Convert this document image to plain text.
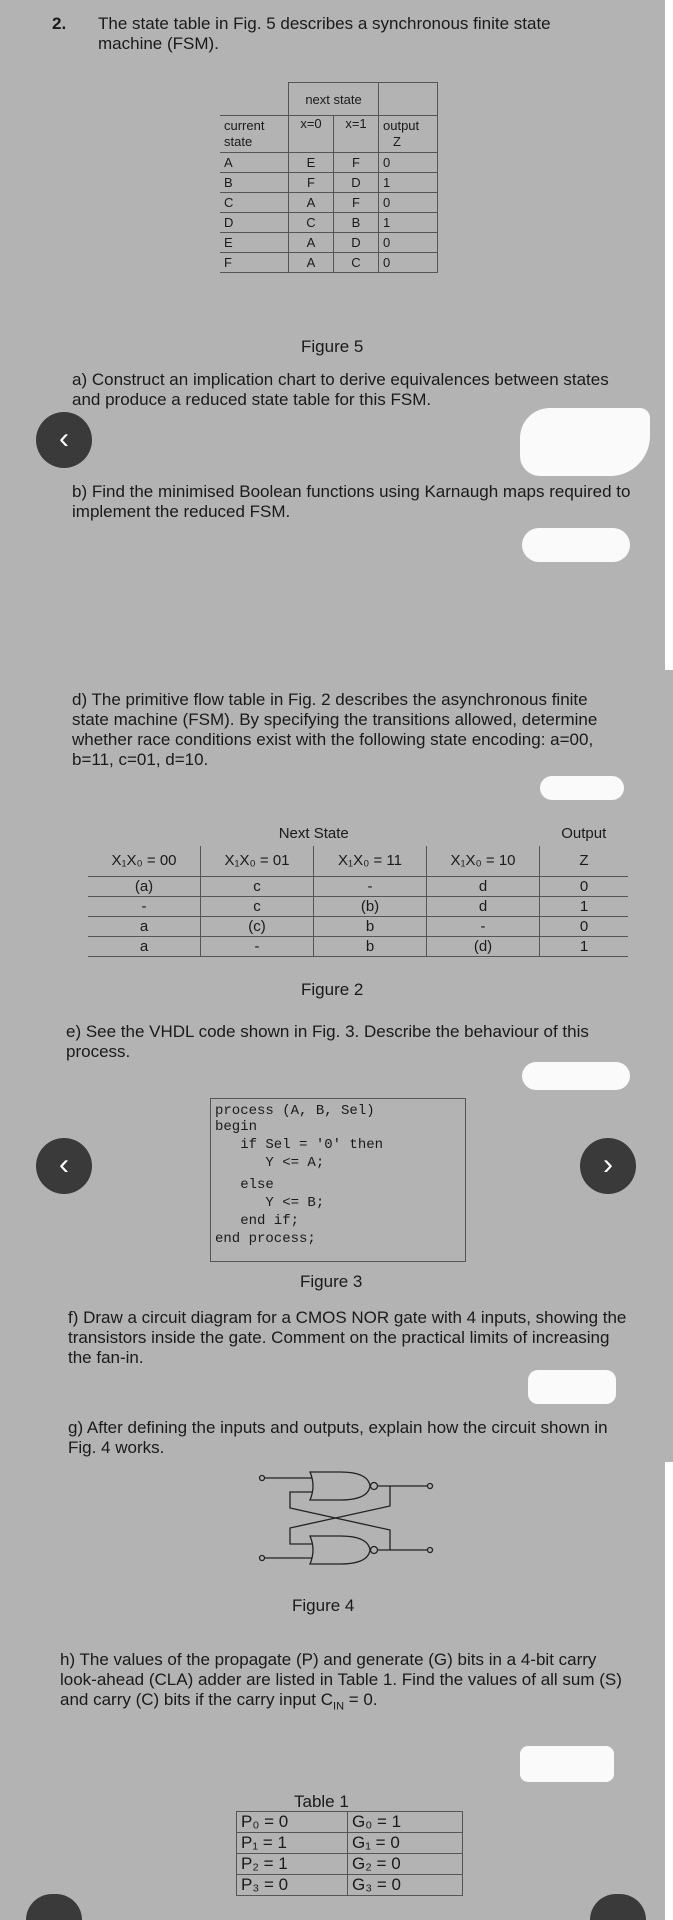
2. The state table in Fig. 5 describes a synchronous finite state machine (FSM).
	next state		
current
state	x=0	x=1	output
Z
A	E	F	0
B	F	D	1
C	A	F	0
D	C	B	1
E	A	D	0
F	A	C	0
Figure 5
a) Construct an implication chart to derive equivalences between states and produce a reduced state table for this FSM.
b) Find the minimised Boolean functions using Karnaugh maps required to implement the reduced FSM.
d) The primitive flow table in Fig. 2 describes the asynchronous finite state machine (FSM). By specifying the transitions allowed, determine whether race conditions exist with the following state encoding: a=00, b=11, c=01, d=10.
Next State				Output
X₁X₀ = 00	X₁X₀ = 01	X₁X₀ = 11	X₁X₀ = 10	Z
(a)	c	-	d	0
-	c	(b)	d	1
a	(c)	b	-	0
a	-	b	(d)	1
Figure 2
e) See the VHDL code shown in Fig. 3. Describe the behaviour of this process.
process (A, B, Sel)
begin
if Sel = '0' then
Y <= A;
else
Y <= B;
end if;
end process;
Figure 3
f) Draw a circuit diagram for a CMOS NOR gate with 4 inputs, showing the transistors inside the gate. Comment on the practical limits of increasing the fan-in.
g) After defining the inputs and outputs, explain how the circuit shown in Fig. 4 works.
Figure 4
h) The values of the propagate (P) and generate (G) bits in a 4-bit carry look-ahead (CLA) adder are listed in Table 1. Find the values of all sum (S) and carry (C) bits if the carry input $C_{IN} = 0$.
Table 1
P₀ = 0	G₀ = 1
P₁ = 1	G₁ = 0
P₂ = 1	G₂ = 0
P₃ = 0	G₃ = 0
‹
‹	›
